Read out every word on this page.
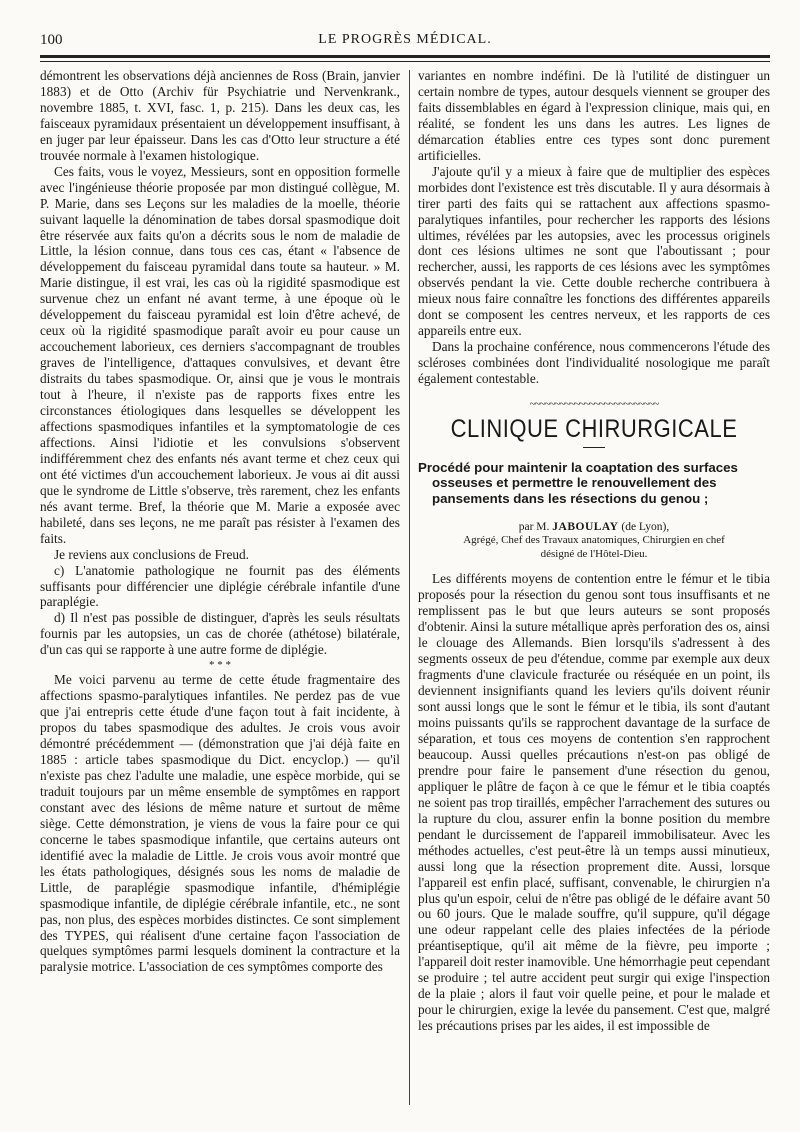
100	LE PROGRÈS MÉDICAL.

démontrent les observations déjà anciennes de Ross (Brain, janvier 1883) et de Otto (Archiv für Psychiatrie und Nervenkrank., novembre 1885, t. XVI, fasc. 1, p. 215). Dans les deux cas, les faisceaux pyramidaux présentaient un développement insuffisant, à en juger par leur épaisseur. Dans les cas d'Otto leur structure a été trouvée normale à l'examen histologique.

Ces faits, vous le voyez, Messieurs, sont en opposition formelle avec l'ingénieuse théorie proposée par mon distingué collègue, M. P. Marie, dans ses Leçons sur les maladies de la moelle, théorie suivant laquelle la dénomination de tabes dorsal spasmodique doit être réservée aux faits qu'on a décrits sous le nom de maladie de Little, la lésion connue, dans tous ces cas, étant « l'absence de développement du faisceau pyramidal dans toute sa hauteur. » M. Marie distingue, il est vrai, les cas où la rigidité spasmodique est survenue chez un enfant né avant terme, à une époque où le développement du faisceau pyramidal est loin d'être achevé, de ceux où la rigidité spasmodique paraît avoir eu pour cause un accouchement laborieux, ces derniers s'accompagnant de troubles graves de l'intelligence, d'attaques convulsives, et devant être distraits du tabes spasmodique. Or, ainsi que je vous le montrais tout à l'heure, il n'existe pas de rapports fixes entre les circonstances étiologiques dans lesquelles se développent les affections spasmodiques infantiles et la symptomatologie de ces affections. Ainsi l'idiotie et les convulsions s'observent indifféremment chez des enfants nés avant terme et chez ceux qui ont été victimes d'un accouchement laborieux. Je vous ai dit aussi que le syndrome de Little s'observe, très rarement, chez les enfants nés avant terme. Bref, la théorie que M. Marie a exposée avec habileté, dans ses leçons, ne me paraît pas résister à l'examen des faits.

Je reviens aux conclusions de Freud.

c) L'anatomie pathologique ne fournit pas des éléments suffisants pour différencier une diplégie cérébrale infantile d'une paraplégie.

d) Il n'est pas possible de distinguer, d'après les seuls résultats fournis par les autopsies, un cas de chorée (athétose) bilatérale, d'un cas qui se rapporte à une autre forme de diplégie.

* * *

Me voici parvenu au terme de cette étude fragmentaire des affections spasmo-paralytiques infantiles. Ne perdez pas de vue que j'ai entrepris cette étude d'une façon tout à fait incidente, à propos du tabes spasmodique des adultes. Je crois vous avoir démontré précédemment — (démonstration que j'ai déjà faite en 1885 : article tabes spasmodique du Dict. encyclop.) — qu'il n'existe pas chez l'adulte une maladie, une espèce morbide, qui se traduit toujours par un même ensemble de symptômes en rapport constant avec des lésions de même nature et surtout de même siège. Cette démonstration, je viens de vous la faire pour ce qui concerne le tabes spasmodique infantile, que certains auteurs ont identifié avec la maladie de Little. Je crois vous avoir montré que les états pathologiques, désignés sous les noms de maladie de Little, de paraplégie spasmodique infantile, d'hémiplégie spasmodique infantile, de diplégie cérébrale infantile, etc., ne sont pas, non plus, des espèces morbides distinctes. Ce sont simplement des TYPES, qui réalisent d'une certaine façon l'association de quelques symptômes parmi lesquels dominent la contracture et la paralysie motrice. L'association de ces symptômes comporte des

variantes en nombre indéfini. De là l'utilité de distinguer un certain nombre de types, autour desquels viennent se grouper des faits dissemblables en égard à l'expression clinique, mais qui, en réalité, se fondent les uns dans les autres. Les lignes de démarcation établies entre ces types sont donc purement artificielles.

J'ajoute qu'il y a mieux à faire que de multiplier des espèces morbides dont l'existence est très discutable. Il y aura désormais à tirer parti des faits qui se rattachent aux affections spasmo-paralytiques infantiles, pour rechercher les rapports des lésions ultimes, révélées par les autopsies, avec les processus originels dont ces lésions ultimes ne sont que l'aboutissant ; pour rechercher, aussi, les rapports de ces lésions avec les symptômes observés pendant la vie. Cette double recherche contribuera à mieux nous faire connaître les fonctions des différentes appareils dont se composent les centres nerveux, et les rapports de ces appareils entre eux.

Dans la prochaine conférence, nous commencerons l'étude des scléroses combinées dont l'individualité nosologique me paraît également contestable.

~~~~~~~~~~~~~~~~~~~~~~~~~~
CLINIQUE CHIRURGICALE
Procédé pour maintenir la coaptation des surfaces osseuses et permettre le renouvellement des pansements dans les résections du genou ;
par M. JABOULAY (de Lyon),
Agrégé, Chef des Travaux anatomiques, Chirurgien en chef
désigné de l'Hôtel-Dieu.

Les différents moyens de contention entre le fémur et le tibia proposés pour la résection du genou sont tous insuffisants et ne remplissent pas le but que leurs auteurs se sont proposés d'obtenir. Ainsi la suture métallique après perforation des os, ainsi le clouage des Allemands. Bien lorsqu'ils s'adressent à des segments osseux de peu d'étendue, comme par exemple aux deux fragments d'une clavicule fracturée ou réséquée en un point, ils deviennent insignifiants quand les leviers qu'ils doivent réunir sont aussi longs que le sont le fémur et le tibia, ils sont d'autant moins puissants qu'ils se rapprochent davantage de la surface de séparation, et tous ces moyens de contention s'en rapprochent beaucoup. Aussi quelles précautions n'est-on pas obligé de prendre pour faire le pansement d'une résection du genou, appliquer le plâtre de façon à ce que le fémur et le tibia coaptés ne soient pas trop tiraillés, empêcher l'arrachement des sutures ou la rupture du clou, assurer enfin la bonne position du membre pendant le durcissement de l'appareil immobilisateur. Avec les méthodes actuelles, c'est peut-être là un temps aussi minutieux, aussi long que la résection proprement dite. Aussi, lorsque l'appareil est enfin placé, suffisant, convenable, le chirurgien n'a plus qu'un espoir, celui de n'être pas obligé de le défaire avant 50 ou 60 jours. Que le malade souffre, qu'il suppure, qu'il dégage une odeur rappelant celle des plaies infectées de la période préantiseptique, qu'il ait même de la fièvre, peu importe ; l'appareil doit rester inamovible. Une hémorrhagie peut cependant se produire ; tel autre accident peut surgir qui exige l'inspection de la plaie ; alors il faut voir quelle peine, et pour le malade et pour le chirurgien, exige la levée du pansement. C'est que, malgré les précautions prises par les aides, il est impossible de
